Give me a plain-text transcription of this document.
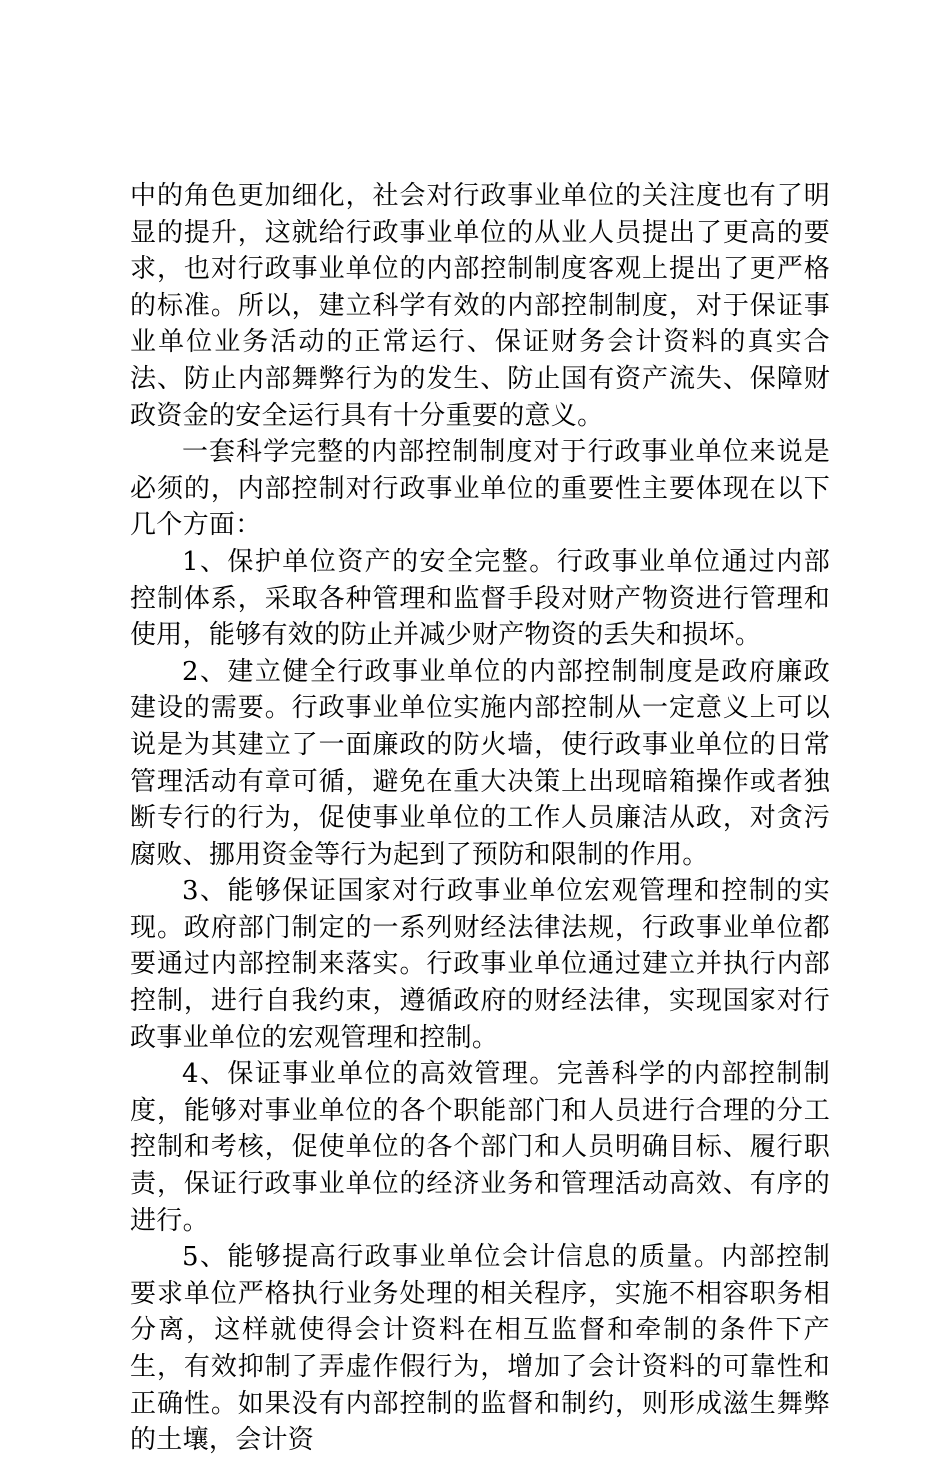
中的角色更加细化，社会对行政事业单位的关注度也有了明显的提升，这就给行政事业单位的从业人员提出了更高的要求，也对行政事业单位的内部控制制度客观上提出了更严格的标准。所以，建立科学有效的内部控制制度，对于保证事业单位业务活动的正常运行、保证财务会计资料的真实合法、防止内部舞弊行为的发生、防止国有资产流失、保障财政资金的安全运行具有十分重要的意义。

一套科学完整的内部控制制度对于行政事业单位来说是必须的，内部控制对行政事业单位的重要性主要体现在以下几个方面：

1、保护单位资产的安全完整。行政事业单位通过内部控制体系，采取各种管理和监督手段对财产物资进行管理和使用，能够有效的防止并减少财产物资的丢失和损坏。

2、建立健全行政事业单位的内部控制制度是政府廉政建设的需要。行政事业单位实施内部控制从一定意义上可以说是为其建立了一面廉政的防火墙，使行政事业单位的日常管理活动有章可循，避免在重大决策上出现暗箱操作或者独断专行的行为，促使事业单位的工作人员廉洁从政，对贪污腐败、挪用资金等行为起到了预防和限制的作用。

3、能够保证国家对行政事业单位宏观管理和控制的实现。政府部门制定的一系列财经法律法规，行政事业单位都要通过内部控制来落实。行政事业单位通过建立并执行内部控制，进行自我约束，遵循政府的财经法律，实现国家对行政事业单位的宏观管理和控制。

4、保证事业单位的高效管理。完善科学的内部控制制度，能够对事业单位的各个职能部门和人员进行合理的分工控制和考核，促使单位的各个部门和人员明确目标、履行职责，保证行政事业单位的经济业务和管理活动高效、有序的进行。

5、能够提高行政事业单位会计信息的质量。内部控制要求单位严格执行业务处理的相关程序，实施不相容职务相分离，这样就使得会计资料在相互监督和牵制的条件下产生，有效抑制了弄虚作假行为，增加了会计资料的可靠性和正确性。如果没有内部控制的监督和制约，则形成滋生舞弊的土壤，会计资
